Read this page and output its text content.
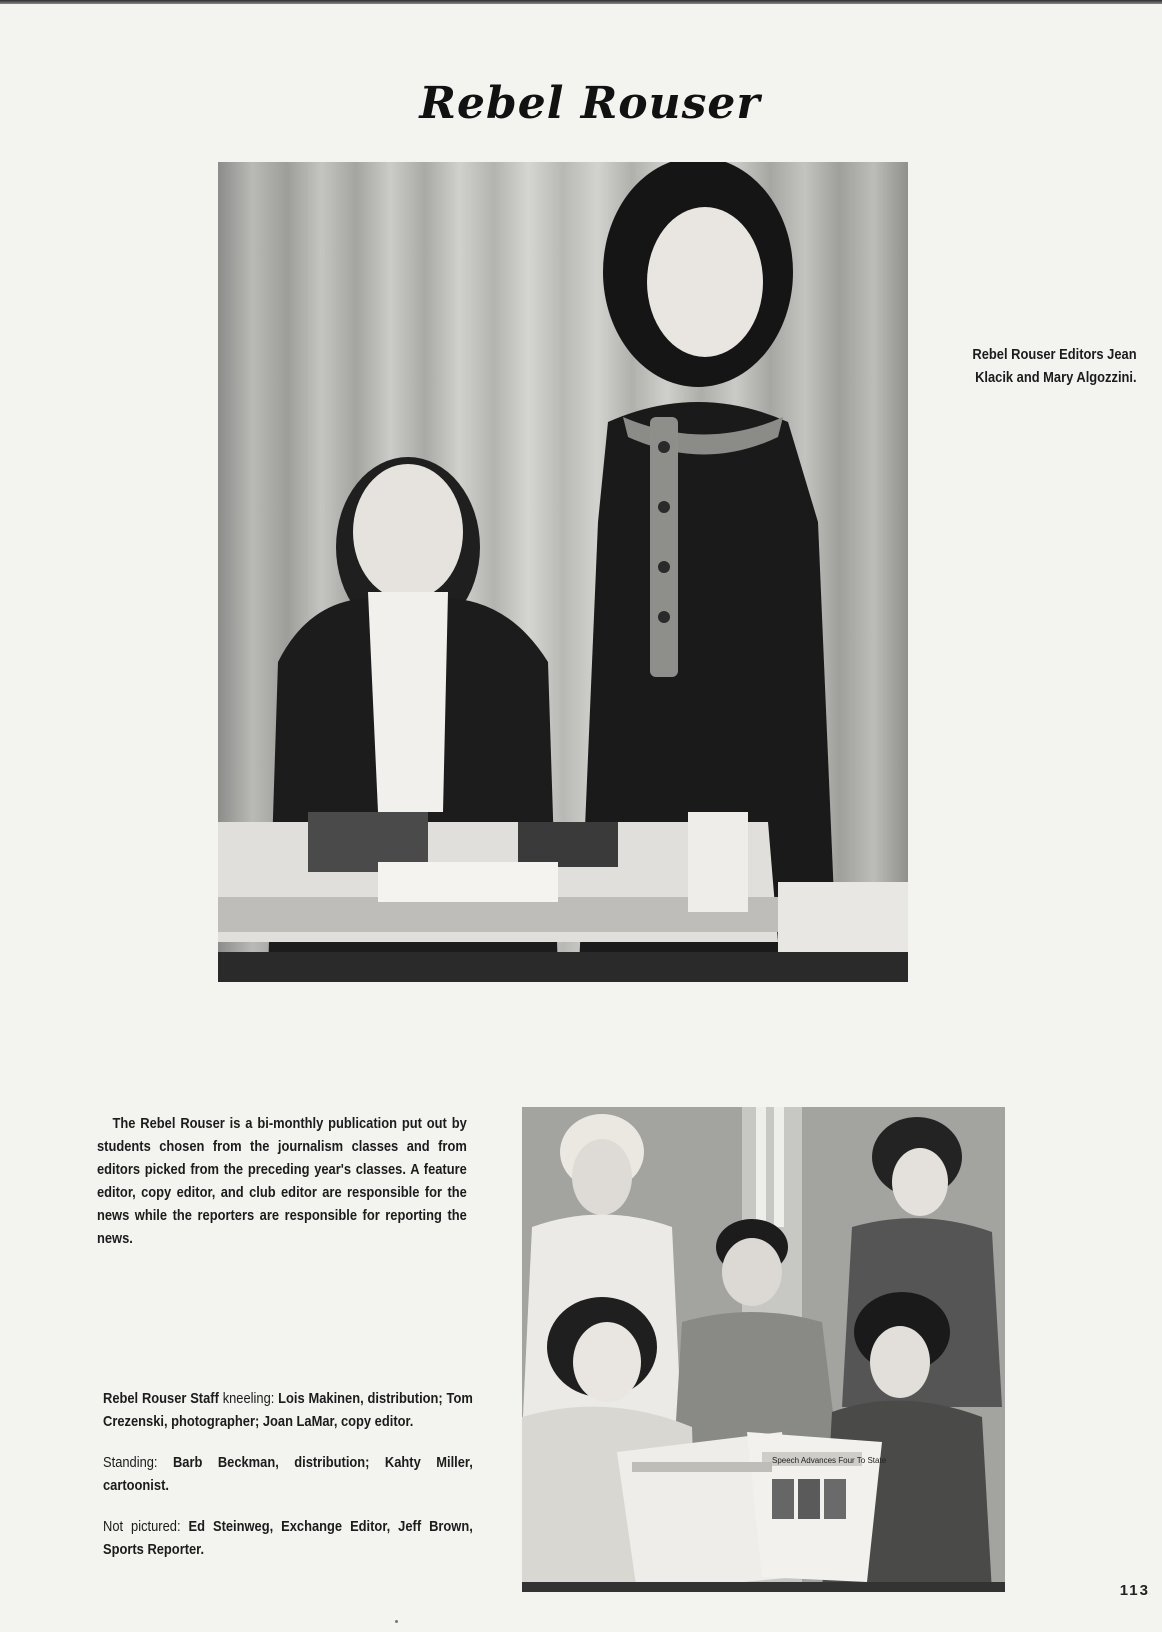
Rebel Rouser
Rebel Rouser Editors Jean Klacik and Mary Algozzini.
The Rebel Rouser is a bi-monthly publication put out by students chosen from the journalism classes and from editors picked from the preceding year's classes. A feature editor, copy editor, and club editor are responsible for the news while the reporters are responsible for reporting the news.

Rebel Rouser Staff kneeling: Lois Makinen, distribution; Tom Crezenski, photographer; Joan LaMar, copy editor.

Standing: Barb Beckman, distribution; Kahty Miller, cartoonist.

Not pictured: Ed Steinweg, Exchange Editor, Jeff Brown, Sports Reporter.

Speech Advances Four To State
113
